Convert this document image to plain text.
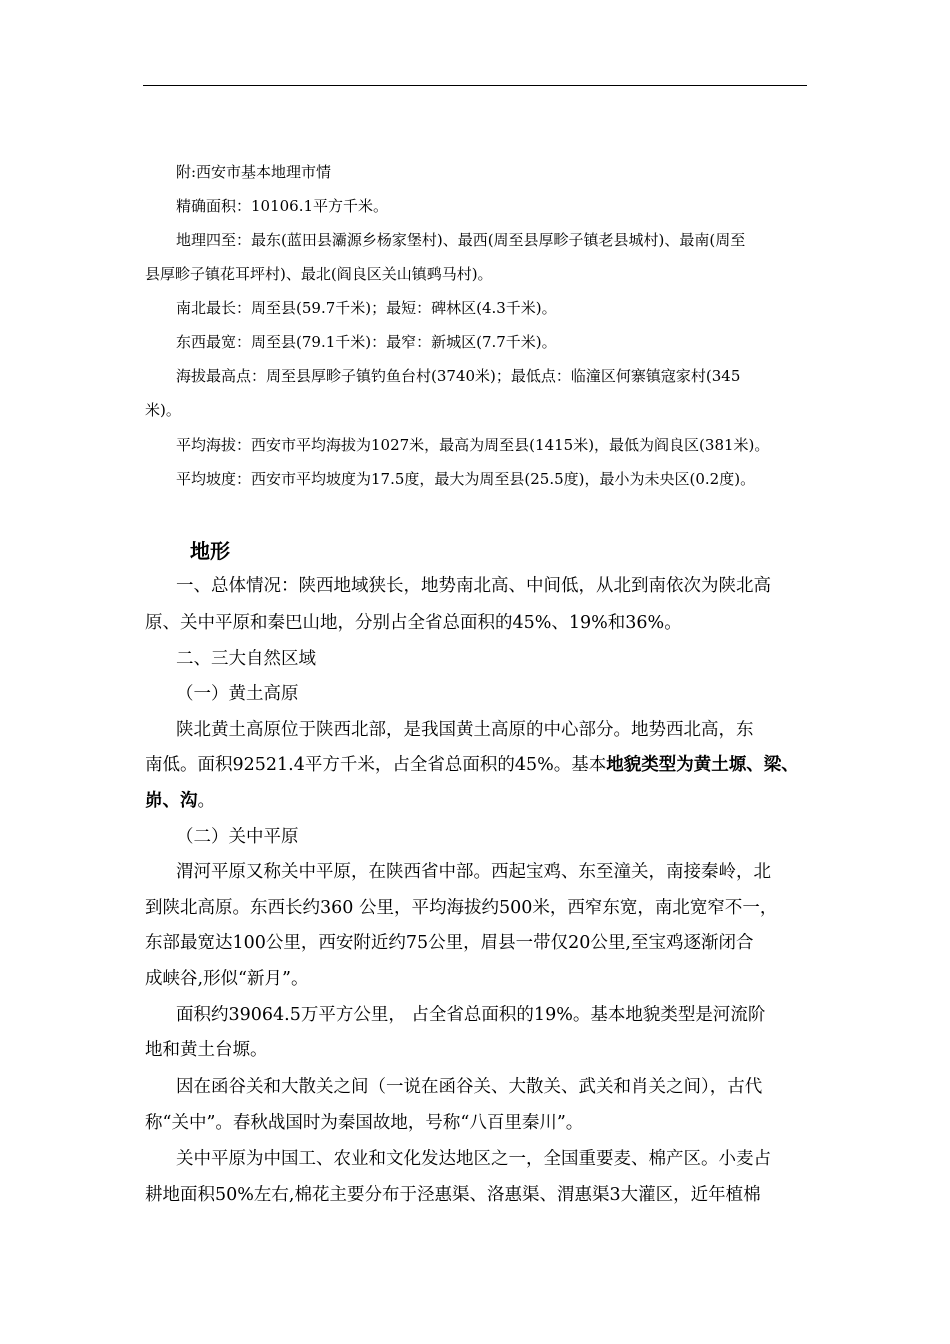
附:西安市基本地理市情
精确面积：10106.1平方千米。
地理四至：最东(蓝田县灞源乡杨家堡村)、最西(周至县厚畛子镇老县城村)、最南(周至
县厚畛子镇花耳坪村)、最北(阎良区关山镇鹀马村)。
南北最长：周至县(59.7千米)；最短：碑林区(4.3千米)。
东西最宽：周至县(79.1千米)：最窄：新城区(7.7千米)。
海拔最高点：周至县厚畛子镇钓鱼台村(3740米)；最低点：临潼区何寨镇寇家村(345
米)。
平均海拔：西安市平均海拔为1027米，最高为周至县(1415米)，最低为阎良区(381米)。
平均坡度：西安市平均坡度为17.5度，最大为周至县(25.5度)，最小为未央区(0.2度)。
地形
一、总体情况：陕西地域狭长，地势南北高、中间低，从北到南依次为陕北高
原、关中平原和秦巴山地，分别占全省总面积的45%、19%和36%。
二、三大自然区域
（一）黄土高原
陕北黄土高原位于陕西北部，是我国黄土高原的中心部分。地势西北高，东
南低。面积92521.4平方千米，占全省总面积的45%。基本地貌类型为黄土塬、梁、
峁、沟。
（二）关中平原
渭河平原又称关中平原，在陕西省中部。西起宝鸡、东至潼关，南接秦岭，北
到陕北高原。东西长约360 公里，平均海拔约500米，西窄东宽，南北宽窄不一，
东部最宽达100公里，西安附近约75公里，眉县一带仅20公里,至宝鸡逐渐闭合
成峡谷,形似“新月”。
面积约39064.5万平方公里， 占全省总面积的19%。基本地貌类型是河流阶
地和黄土台塬。
因在函谷关和大散关之间（一说在函谷关、大散关、武关和肖关之间），古代
称“关中”。春秋战国时为秦国故地，号称“八百里秦川”。
关中平原为中国工、农业和文化发达地区之一，全国重要麦、棉产区。小麦占
耕地面积50%左右,棉花主要分布于泾惠渠、洛惠渠、渭惠渠3大灌区，近年植棉
